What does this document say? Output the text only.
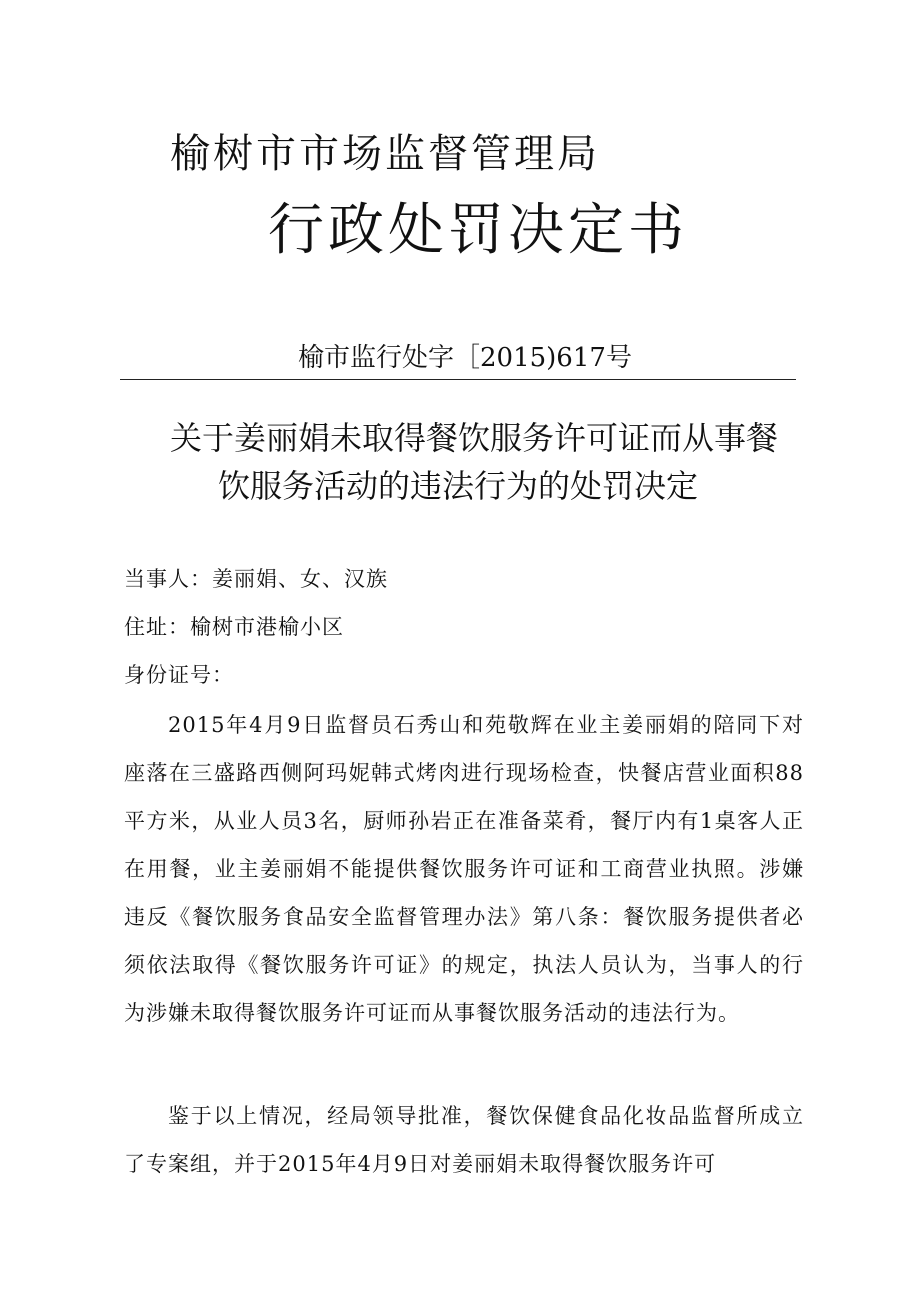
榆树市市场监督管理局
行政处罚决定书
榆市监行处字［2015)617号
关于姜丽娟未取得餐饮服务许可证而从事餐
饮服务活动的违法行为的处罚决定
当事人：姜丽娟、女、汉族
住址：榆树市港榆小区
身份证号：

2015年4月9日监督员石秀山和苑敬辉在业主姜丽娟的陪同下对座落在三盛路西侧阿玛妮韩式烤肉进行现场检查，快餐店营业面积88平方米，从业人员3名，厨师孙岩正在准备菜肴，餐厅内有1桌客人正在用餐，业主姜丽娟不能提供餐饮服务许可证和工商营业执照。涉嫌违反《餐饮服务食品安全监督管理办法》第八条：餐饮服务提供者必须依法取得《餐饮服务许可证》的规定，执法人员认为，当事人的行为涉嫌未取得餐饮服务许可证而从事餐饮服务活动的违法行为。

鉴于以上情况，经局领导批准，餐饮保健食品化妆品监督所成立了专案组，并于2015年4月9日对姜丽娟未取得餐饮服务许可
